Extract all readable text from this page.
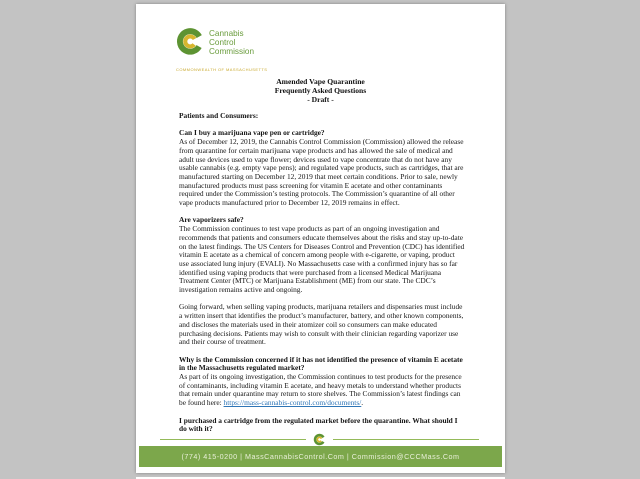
Cannabis
Control
Commission
COMMONWEALTH OF MASSACHUSETTS
Amended Vape Quarantine
Frequently Asked Questions
- Draft -
Patients and Consumers:
Can I buy a marijuana vape pen or cartridge?

As of December 12, 2019, the Cannabis Control Commission (Commission) allowed the release from quarantine for certain marijuana vape products and has allowed the sale of medical and adult use devices used to vape flower; devices used to vape concentrate that do not have any usable cannabis (e.g. empty vape pens); and regulated vape products, such as cartridges, that are manufactured starting on December 12, 2019 that meet certain conditions. Prior to sale, newly manufactured products must pass screening for vitamin E acetate and other contaminants required under the Commission’s testing protocols. The Commission’s quarantine of all other vape products manufactured prior to December 12, 2019 remains in effect.

Are vaporizers safe?

The Commission continues to test vape products as part of an ongoing investigation and recommends that patients and consumers educate themselves about the risks and stay up-to-date on the latest findings. The US Centers for Diseases Control and Prevention (CDC) has identified vitamin E acetate as a chemical of concern among people with e-cigarette, or vaping, product use associated lung injury (EVALI). No Massachusetts case with a confirmed injury has so far identified using vaping products that were purchased from a licensed Medical Marijuana Treatment Center (MTC) or Marijuana Establishment (ME) from our state. The CDC’s investigation remains active and ongoing.

Going forward, when selling vaping products, marijuana retailers and dispensaries must include a written insert that identifies the product’s manufacturer, battery, and other known components, and discloses the materials used in their atomizer coil so consumers can make educated purchasing decisions. Patients may wish to consult with their clinician regarding vaporizer use and their course of treatment.

Why is the Commission concerned if it has not identified the presence of vitamin E acetate in the Massachusetts regulated market?

As part of its ongoing investigation, the Commission continues to test products for the presence of contaminants, including vitamin E acetate, and heavy metals to understand whether products that remain under quarantine may return to store shelves. The Commission’s latest findings can be found here: https://mass-cannabis-control.com/documents/.

I purchased a cartridge from the regulated market before the quarantine. What should I do with it?
(774) 415-0200 | MassCannabisControl.Com | Commission@CCCMass.Com
